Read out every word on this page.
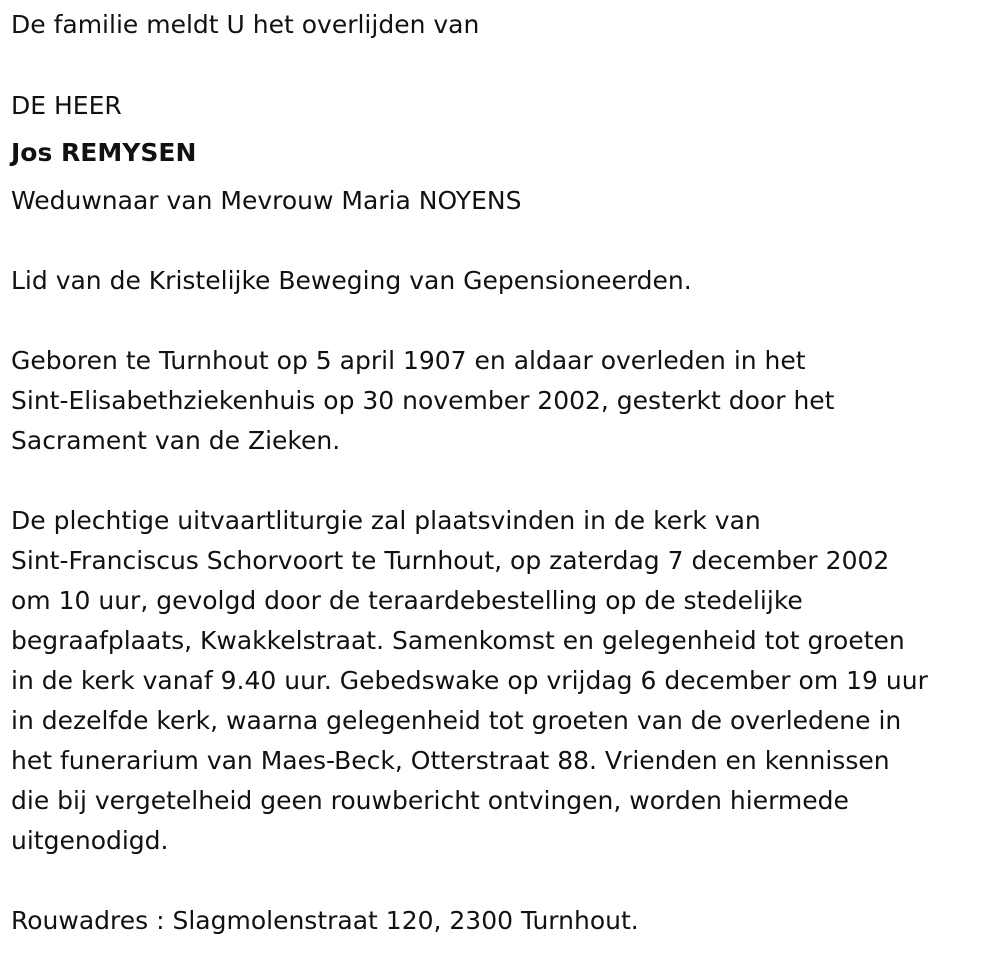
De familie meldt U het overlijden van

DE HEER

Jos REMYSEN

Weduwnaar van Mevrouw Maria NOYENS

Lid van de Kristelijke Beweging van Gepensioneerden.

Geboren te Turnhout op 5 april 1907 en aldaar overleden in het
Sint-Elisabethziekenhuis op 30 november 2002, gesterkt door het
Sacrament van de Zieken.
De plechtige uitvaartliturgie zal plaatsvinden in de kerk van
Sint-Franciscus Schorvoort te Turnhout, op zaterdag 7 december 2002
om 10 uur, gevolgd door de teraardebestelling op de stedelijke
begraafplaats, Kwakkelstraat. Samenkomst en gelegenheid tot groeten
in de kerk vanaf 9.40 uur. Gebedswake op vrijdag 6 december om 19 uur
in dezelfde kerk, waarna gelegenheid tot groeten van de overledene in
het funerarium van Maes-Beck, Otterstraat 88. Vrienden en kennissen
die bij vergetelheid geen rouwbericht ontvingen, worden hiermede
uitgenodigd.

Rouwadres : Slagmolenstraat 120, 2300 Turnhout.
